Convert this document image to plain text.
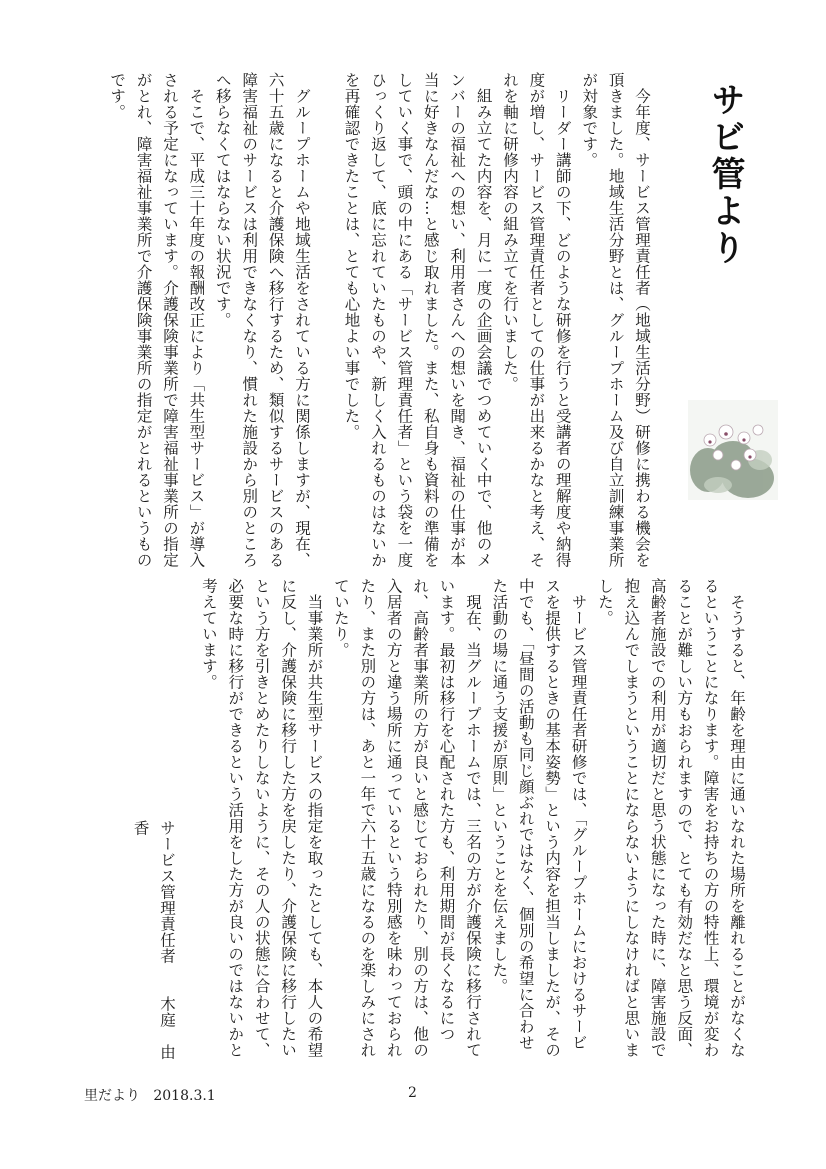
サビ管より

　今年度、サービス管理責任者（地域生活分野）研修に携わる機会を頂きました。地域生活分野とは、グループホーム及び自立訓練事業所が対象です。

　リーダー講師の下、どのような研修を行うと受講者の理解度や納得度が増し、サービス管理責任者としての仕事が出来るかなと考え、それを軸に研修内容の組み立てを行いました。

　組み立てた内容を、月に一度の企画会議でつめていく中で、他のメンバーの福祉への想い、利用者さんへの想いを聞き、福祉の仕事が本当に好きなんだな…と感じ取れました。また、私自身も資料の準備をしていく事で、頭の中にある「サービス管理責任者」という袋を一度ひっくり返して、底に忘れていたものや、新しく入れるものはないかを再確認できたことは、とても心地よい事でした。

　グループホームや地域生活をされている方に関係しますが、現在、六十五歳になると介護保険へ移行するため、類似するサービスのある障害福祉のサービスは利用できなくなり、慣れた施設から別のところへ移らなくてはならない状況です。

　そこで、平成三十年度の報酬改正により「共生型サービス」が導入される予定になっています。介護保険事業所で障害福祉事業所の指定がとれ、障害福祉事業所で介護保険事業所の指定がとれるというものです。

　そうすると、年齢を理由に通いなれた場所を離れることがなくなるということになります。障害をお持ちの方の特性上、環境が変わることが難しい方もおられますので、とても有効だなと思う反面、高齢者施設での利用が適切だと思う状態になった時に、障害施設で抱え込んでしまうということにならないようにしなければと思いました。

　サービス管理責任者研修では、「グループホームにおけるサービスを提供するときの基本姿勢」という内容を担当しましたが、その中でも、「昼間の活動も同じ顔ぶれではなく、個別の希望に合わせた活動の場に通う支援が原則」ということを伝えました。

　現在、当グループホームでは、三名の方が介護保険に移行されています。最初は移行を心配された方も、利用期間が長くなるにつれ、高齢者事業所の方が良いと感じておられたり、別の方は、他の入居者の方と違う場所に通っているという特別感を味わっておられたり、また別の方は、あと一年で六十五歳になるのを楽しみにされていたり。

　当事業所が共生型サービスの指定を取ったとしても、本人の希望に反し、介護保険に移行した方を戻したり、介護保険に移行したいという方を引きとめたりしないように、その人の状態に合わせて、必要な時に移行ができるという活用をした方が良いのではないかと考えています。

サービス管理責任者　　木庭　由香
里だより 2018.3.1	2
